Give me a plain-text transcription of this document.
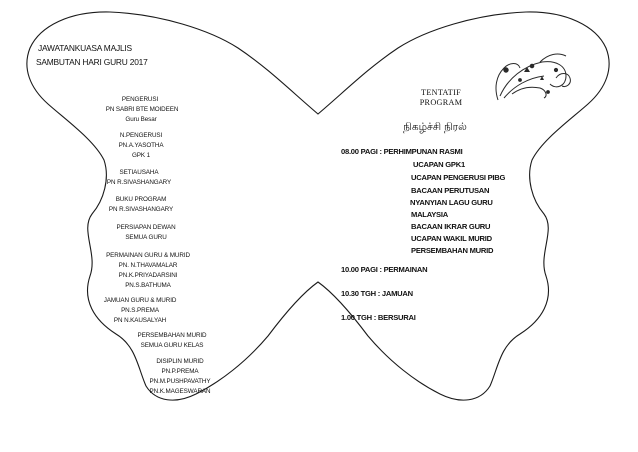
JAWATANKUASA MAJLIS
SAMBUTAN HARI GURU 2017
PENGERUSI
PN SABRI BTE MOIDEEN
Guru Besar
N.PENGERUSI
PN.A.YASOTHA
GPK 1
SETIAUSAHA
PN R.SIVASHANGARY
BUKU PROGRAM
PN R.SIVASHANGARY
PERSIAPAN DEWAN
SEMUA GURU
PERMAINAN GURU & MURID
PN. N.THAVAMALAR
PN.K.PRIYADARSINI
PN.S.BATHUMA
JAMUAN GURU & MURID
PN.S.PREMA
PN N.KAUSALYAH
PERSEMBAHAN MURID
SEMUA GURU KELAS
DISIPLIN MURID
PN.P.PREMA
PN.M.PUSHPAVATHY
PN.K.MAGESWARAN
TENTATIF
PROGRAM
நிகழ்ச்சி நிரல்
08.00 PAGI : PERHIMPUNAN RASMI
UCAPAN GPK1
UCAPAN PENGERUSI PIBG
BACAAN PERUTUSAN
NYANYIAN LAGU GURU
MALAYSIA
BACAAN IKRAR GURU
UCAPAN WAKIL MURID
PERSEMBAHAN MURID
10.00 PAGI : PERMAINAN
10.30 TGH : JAMUAN
1.00 TGH : BERSURAI
